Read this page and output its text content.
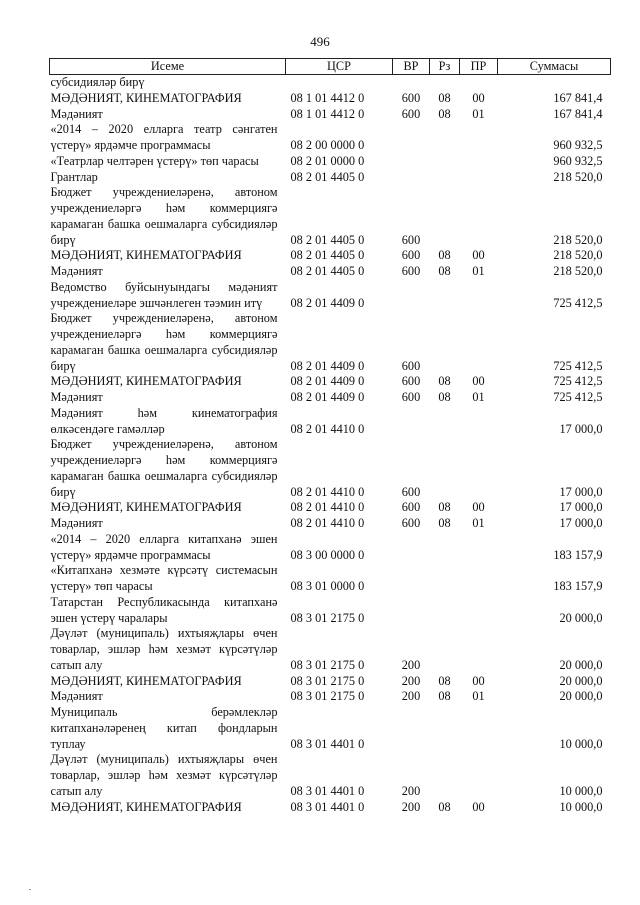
496
Исеме	ЦСР	ВР	Рз	ПР	Суммасы
субсидияләр бирү					
МӘДӘНИЯТ, КИНЕМАТОГРАФИЯ	08 1 01 4412 0	600	08	00	167 841,4
Мәдәният	08 1 01 4412 0	600	08	01	167 841,4
«2014 – 2020 елларга театр сәнгатен үстерү» ярдәмче программасы	08 2 00 0000 0				960 932,5
«Театрлар челтәрен үстерү» төп чарасы	08 2 01 0000 0				960 932,5
Грантлар	08 2 01 4405 0				218 520,0
Бюджет учреждениеләренә, автоном учреждениеләргә һәм коммерциягә карамаган башка оешмаларга субсидияләр бирү	08 2 01 4405 0	600			218 520,0
МӘДӘНИЯТ, КИНЕМАТОГРАФИЯ	08 2 01 4405 0	600	08	00	218 520,0
Мәдәният	08 2 01 4405 0	600	08	01	218 520,0
Ведомство буйсынуындагы мәдәният учреждениеләре эшчәнлеген тәэмин итү	08 2 01 4409 0				725 412,5
Бюджет учреждениеләренә, автоном учреждениеләргә һәм коммерциягә карамаган башка оешмаларга субсидияләр бирү	08 2 01 4409 0	600			725 412,5
МӘДӘНИЯТ, КИНЕМАТОГРАФИЯ	08 2 01 4409 0	600	08	00	725 412,5
Мәдәният	08 2 01 4409 0	600	08	01	725 412,5
Мәдәният һәм кинематография өлкәсендәге гамәлләр	08 2 01 4410 0				17 000,0
Бюджет учреждениеләренә, автоном учреждениеләргә һәм коммерциягә карамаган башка оешмаларга субсидияләр бирү	08 2 01 4410 0	600			17 000,0
МӘДӘНИЯТ, КИНЕМАТОГРАФИЯ	08 2 01 4410 0	600	08	00	17 000,0
Мәдәният	08 2 01 4410 0	600	08	01	17 000,0
«2014 – 2020 елларга китапханә эшен үстерү» ярдәмче программасы	08 3 00 0000 0				183 157,9
«Китапханә хезмәте күрсәтү системасын үстерү» төп чарасы	08 3 01 0000 0				183 157,9
Татарстан Республикасында китапханә эшен үстерү чаралары	08 3 01 2175 0				20 000,0
Дәүләт (муниципаль) ихтыяҗлары өчен товарлар, эшләр һәм хезмәт күрсәтүләр сатып алу	08 3 01 2175 0	200			20 000,0
МӘДӘНИЯТ, КИНЕМАТОГРАФИЯ	08 3 01 2175 0	200	08	00	20 000,0
Мәдәният	08 3 01 2175 0	200	08	01	20 000,0
Муниципаль берәмлекләр китапханәләренең китап фондларын туплау	08 3 01 4401 0				10 000,0
Дәүләт (муниципаль) ихтыяҗлары өчен товарлар, эшләр һәм хезмәт күрсәтүләр сатып алу	08 3 01 4401 0	200			10 000,0
МӘДӘНИЯТ, КИНЕМАТОГРАФИЯ	08 3 01 4401 0	200	08	00	10 000,0
